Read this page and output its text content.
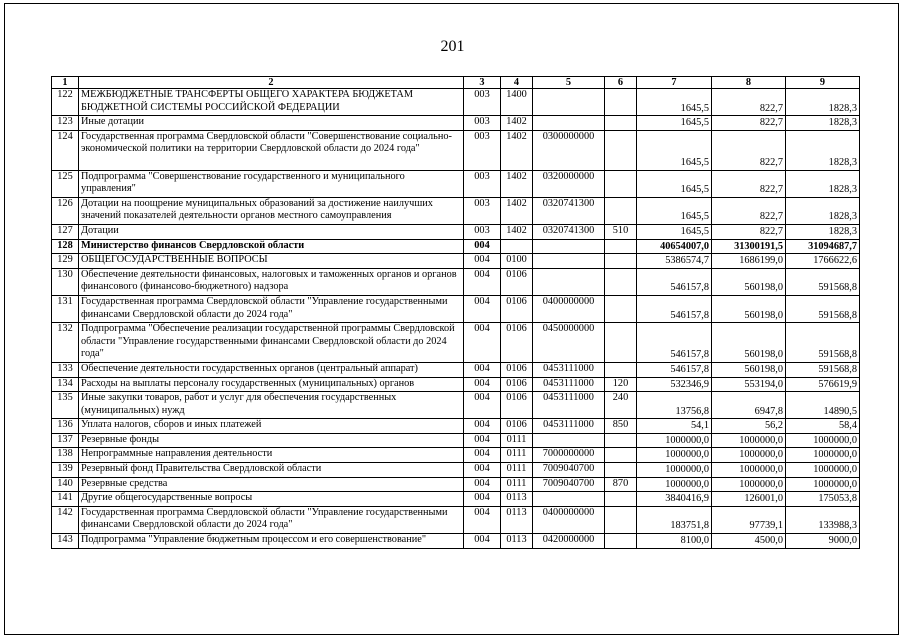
201
1	2	3	4	5	6	7	8	9
122	МЕЖБЮДЖЕТНЫЕ ТРАНСФЕРТЫ ОБЩЕГО ХАРАКТЕРА БЮДЖЕТАМ БЮДЖЕТНОЙ СИСТЕМЫ РОССИЙСКОЙ ФЕДЕРАЦИИ	003	1400			1645,5	822,7	1828,3
123	Иные дотации	003	1402			1645,5	822,7	1828,3
124	Государственная программа Свердловской области "Совершенствование социально-экономической политики на территории Свердловской области до 2024 года"	003	1402	0300000000		1645,5	822,7	1828,3
125	Подпрограмма "Совершенствование государственного и муниципального управления"	003	1402	0320000000		1645,5	822,7	1828,3
126	Дотации на поощрение муниципальных образований за достижение наилучших значений показателей деятельности органов местного самоуправления	003	1402	0320741300		1645,5	822,7	1828,3
127	Дотации	003	1402	0320741300	510	1645,5	822,7	1828,3
128	Министерство финансов Свердловской области	004				40654007,0	31300191,5	31094687,7
129	ОБЩЕГОСУДАРСТВЕННЫЕ ВОПРОСЫ	004	0100			5386574,7	1686199,0	1766622,6
130	Обеспечение деятельности финансовых, налоговых и таможенных органов и органов финансового (финансово-бюджетного) надзора	004	0106			546157,8	560198,0	591568,8
131	Государственная программа Свердловской области "Управление государственными финансами Свердловской области до 2024 года"	004	0106	0400000000		546157,8	560198,0	591568,8
132	Подпрограмма "Обеспечение реализации государственной программы Свердловской области "Управление государственными финансами Свердловской области до 2024 года"	004	0106	0450000000		546157,8	560198,0	591568,8
133	Обеспечение деятельности государственных органов (центральный аппарат)	004	0106	0453111000		546157,8	560198,0	591568,8
134	Расходы на выплаты персоналу государственных (муниципальных) органов	004	0106	0453111000	120	532346,9	553194,0	576619,9
135	Иные закупки товаров, работ и услуг для обеспечения государственных (муниципальных) нужд	004	0106	0453111000	240	13756,8	6947,8	14890,5
136	Уплата налогов, сборов и иных платежей	004	0106	0453111000	850	54,1	56,2	58,4
137	Резервные фонды	004	0111			1000000,0	1000000,0	1000000,0
138	Непрограммные направления деятельности	004	0111	7000000000		1000000,0	1000000,0	1000000,0
139	Резервный фонд Правительства Свердловской области	004	0111	7009040700		1000000,0	1000000,0	1000000,0
140	Резервные средства	004	0111	7009040700	870	1000000,0	1000000,0	1000000,0
141	Другие общегосударственные вопросы	004	0113			3840416,9	126001,0	175053,8
142	Государственная программа Свердловской области "Управление государственными финансами Свердловской области до 2024 года"	004	0113	0400000000		183751,8	97739,1	133988,3
143	Подпрограмма "Управление бюджетным процессом и его совершенствование"	004	0113	0420000000		8100,0	4500,0	9000,0
